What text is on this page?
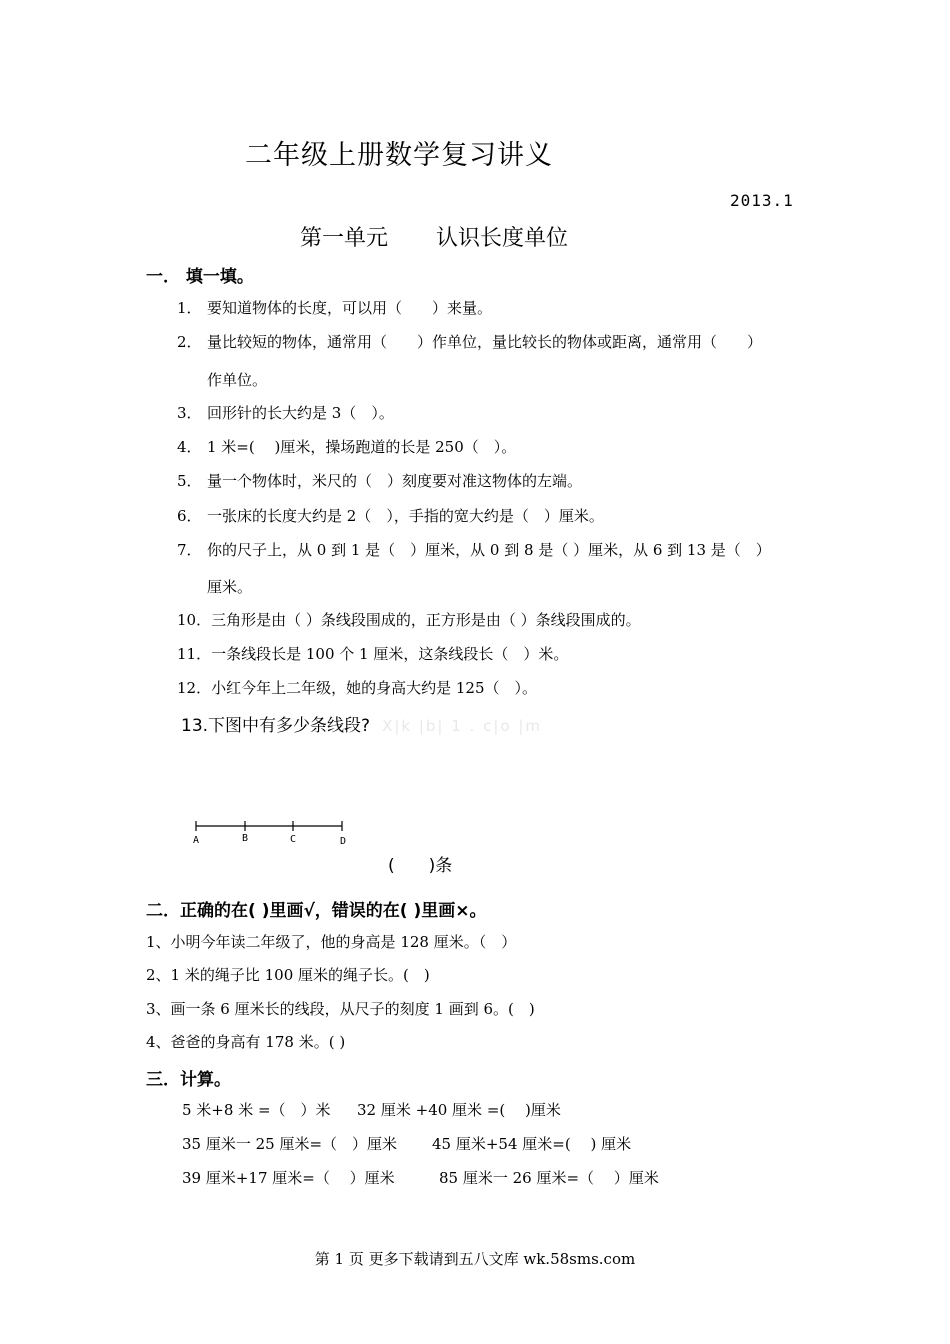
二年级上册数学复习讲义
2013.1
第一单元 认识长度单位
一． 填一填。
1． 要知道物体的长度，可以用（　　）来量。
2． 量比较短的物体，通常用（　　）作单位，量比较长的物体或距离，通常用（　　）
作单位。
3． 回形针的长大约是 3（　）。
4． 1 米=(　 )厘米，操场跑道的长是 250（　）。
5． 量一个物体时，米尺的（　）刻度要对准这物体的左端。
6． 一张床的长度大约是 2（　），手指的宽大约是（　）厘米。
7． 你的尺子上，从 0 到 1 是（　）厘米，从 0 到 8 是（ ）厘米，从 6 到 13 是（　）
厘米。
10．三角形是由（ ）条线段围成的，正方形是由（ ）条线段围成的。
11．一条线段长是 100 个 1 厘米，这条线段长（　）米。
12．小红今年上二年级，她的身高大约是 125（　）。
13.下图中有多少条线段? X|k |b| 1 . c|o |m
A	B	C	D
(　　)条
二．正确的在( )里画√，错误的在( )里画×。
1、小明今年读二年级了，他的身高是 128 厘米。（　）
2、1 米的绳子比 100 厘米的绳子长。(　)
3、画一条 6 厘米长的线段，从尺子的刻度 1 画到 6。(　)
4、爸爸的身高有 178 米。( )
三．计算。
5 米+8 米 =（　）米 32 厘米 +40 厘米 =(　 )厘米
35 厘米一 25 厘米=（　）厘米 45 厘米+54 厘米=(　 ) 厘米
39 厘米+17 厘米=（　 ）厘米	85 厘米一 26 厘米=（　 ）厘米
第 1 页 更多下载请到五八文库 wk.58sms.com
